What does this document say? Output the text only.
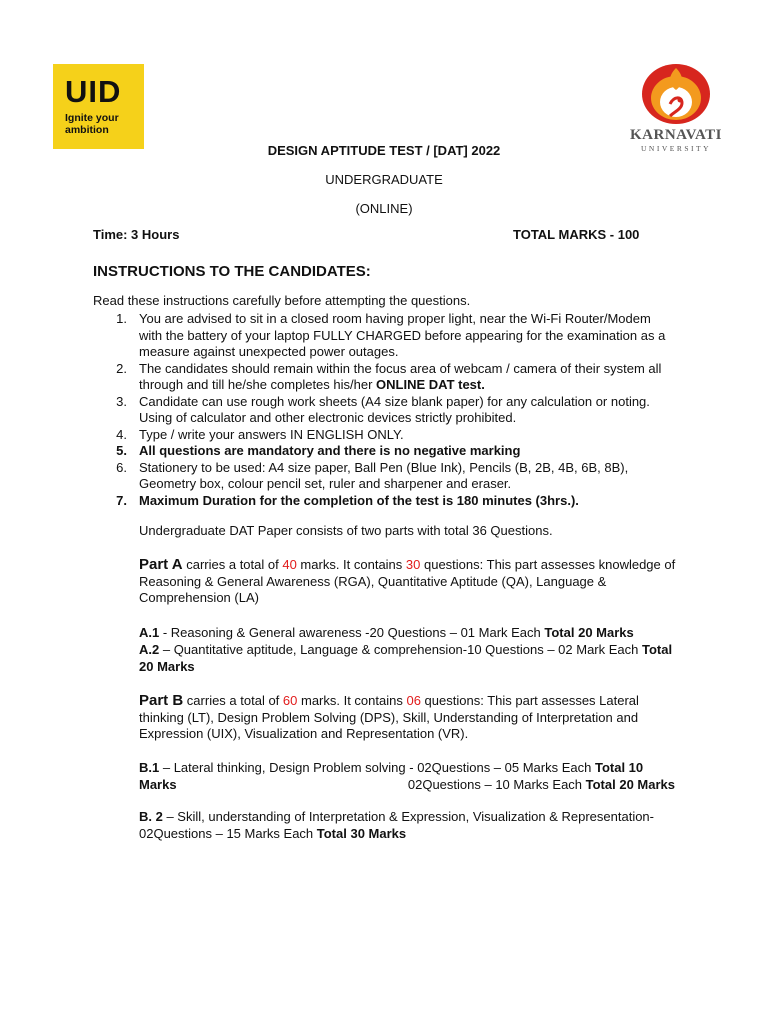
UID
Ignite your
ambition	KARNAVATI
UNIVERSITY
DESIGN APTITUDE TEST / [DAT] 2022
UNDERGRADUATE
(ONLINE)
Time: 3 Hours	TOTAL MARKS - 100
INSTRUCTIONS TO THE CANDIDATES:
Read these instructions carefully before attempting the questions.
1. You are advised to sit in a closed room having proper light, near the Wi-Fi Router/Modem with the battery of your laptop FULLY CHARGED before appearing for the examination as a measure against unexpected power outages.
2. The candidates should remain within the focus area of webcam / camera of their system all through and till he/she completes his/her ONLINE DAT test.
3. Candidate can use rough work sheets (A4 size blank paper) for any calculation or noting. Using of calculator and other electronic devices strictly prohibited.
4. Type / write your answers IN ENGLISH ONLY.
5. All questions are mandatory and there is no negative marking
6. Stationery to be used: A4 size paper, Ball Pen (Blue Ink), Pencils (B, 2B, 4B, 6B, 8B), Geometry box, colour pencil set, ruler and sharpener and eraser.
7. Maximum Duration for the completion of the test is 180 minutes (3hrs.).
Undergraduate DAT Paper consists of two parts with total 36 Questions.
Part A carries a total of 40 marks. It contains 30 questions: This part assesses knowledge of Reasoning & General Awareness (RGA), Quantitative Aptitude (QA), Language & Comprehension (LA)
A.1 - Reasoning & General awareness -20 Questions – 01 Mark Each Total 20 Marks
A.2 – Quantitative aptitude, Language & comprehension-10 Questions – 02 Mark Each Total 20 Marks
Part B carries a total of 60 marks. It contains 06 questions: This part assesses Lateral thinking (LT), Design Problem Solving (DPS), Skill, Understanding of Interpretation and Expression (UIX), Visualization and Representation (VR).
B.1 – Lateral thinking, Design Problem solving - 02Questions – 05 Marks Each Total 10 Marks	02Questions – 10 Marks Each Total 20 Marks
B. 2 – Skill, understanding of Interpretation & Expression, Visualization & Representation-02Questions – 15 Marks Each Total 30 Marks
